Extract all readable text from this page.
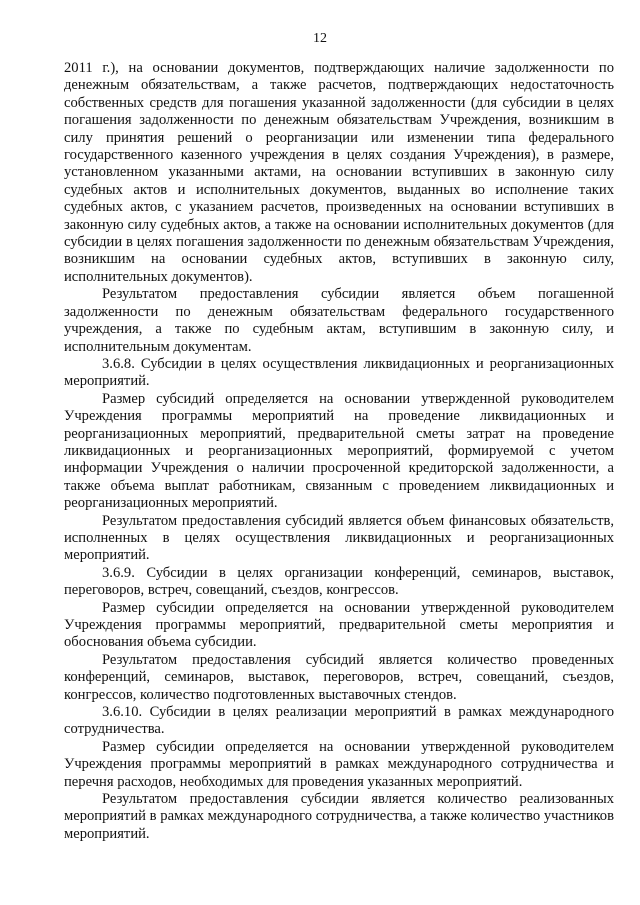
12

2011 г.), на основании документов, подтверждающих наличие задолженности по денежным обязательствам, а также расчетов, подтверждающих недостаточность собственных средств для погашения указанной задолженности (для субсидии в целях погашения задолженности по денежным обязательствам Учреждения, возникшим в силу принятия решений о реорганизации или изменении типа федерального государственного казенного учреждения в целях создания Учреждения), в размере, установленном указанными актами, на основании вступивших в законную силу судебных актов и исполнительных документов, выданных во исполнение таких судебных актов, с указанием расчетов, произведенных на основании вступивших в законную силу судебных актов, а также на основании исполнительных документов (для субсидии в целях погашения задолженности по денежным обязательствам Учреждения, возникшим на основании судебных актов, вступивших в законную силу, исполнительных документов).

Результатом предоставления субсидии является объем погашенной задолженности по денежным обязательствам федерального государственного учреждения, а также по судебным актам, вступившим в законную силу, и исполнительным документам.

3.6.8. Субсидии в целях осуществления ликвидационных и реорганизационных мероприятий.

Размер субсидий определяется на основании утвержденной руководителем Учреждения программы мероприятий на проведение ликвидационных и реорганизационных мероприятий, предварительной сметы затрат на проведение ликвидационных и реорганизационных мероприятий, формируемой с учетом информации Учреждения о наличии просроченной кредиторской задолженности, а также объема выплат работникам, связанным с проведением ликвидационных и реорганизационных мероприятий.

Результатом предоставления субсидий является объем финансовых обязательств, исполненных в целях осуществления ликвидационных и реорганизационных мероприятий.

3.6.9. Субсидии в целях организации конференций, семинаров, выставок, переговоров, встреч, совещаний, съездов, конгрессов.

Размер субсидии определяется на основании утвержденной руководителем Учреждения программы мероприятий, предварительной сметы мероприятия и обоснования объема субсидии.

Результатом предоставления субсидий является количество проведенных конференций, семинаров, выставок, переговоров, встреч, совещаний, съездов, конгрессов, количество подготовленных выставочных стендов.

3.6.10. Субсидии в целях реализации мероприятий в рамках международного сотрудничества.

Размер субсидии определяется на основании утвержденной руководителем Учреждения программы мероприятий в рамках международного сотрудничества и перечня расходов, необходимых для проведения указанных мероприятий.

Результатом предоставления субсидии является количество реализованных мероприятий в рамках международного сотрудничества, а также количество участников мероприятий.
